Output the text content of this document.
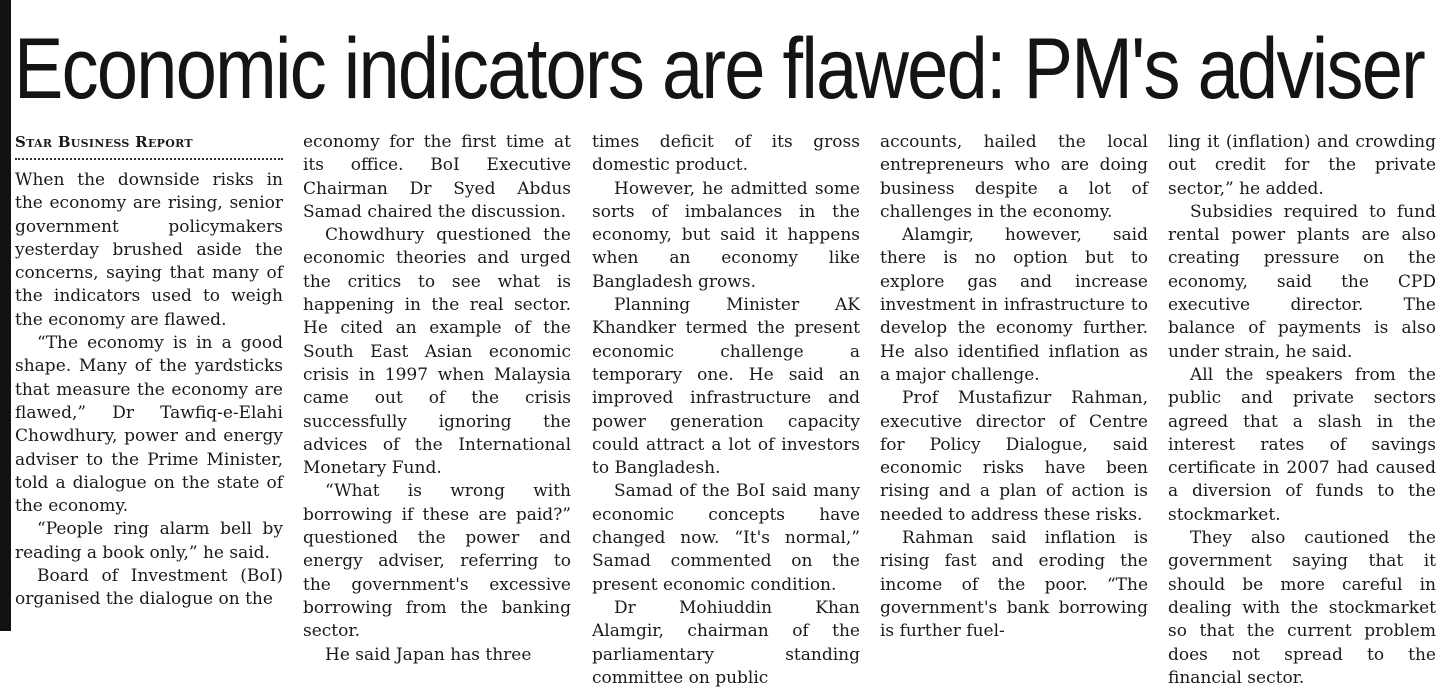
Economic indicators are flawed: PM's adviser
Star Business Report

When the downside risks in the economy are rising, senior government policymakers yesterday brushed aside the concerns, saying that many of the indicators used to weigh the economy are flawed.

“The economy is in a good shape. Many of the yardsticks that measure the economy are flawed,” Dr Tawfiq-e-Elahi Chowdhury, power and energy adviser to the Prime Minister, told a dialogue on the state of the economy.

“People ring alarm bell by reading a book only,” he said.

Board of Investment (BoI) organised the dialogue on the

economy for the first time at its office. BoI Executive Chairman Dr Syed Abdus Samad chaired the discussion.

Chowdhury questioned the economic theories and urged the critics to see what is happening in the real sector. He cited an example of the South East Asian economic crisis in 1997 when Malaysia came out of the crisis successfully ignoring the advices of the International Monetary Fund.

“What is wrong with borrowing if these are paid?” questioned the power and energy adviser, referring to the government's excessive borrowing from the banking sector.

He said Japan has three

times deficit of its gross domestic product.

However, he admitted some sorts of imbalances in the economy, but said it happens when an economy like Bangladesh grows.

Planning Minister AK Khandker termed the present economic challenge a temporary one. He said an improved infrastructure and power generation capacity could attract a lot of investors to Bangladesh.

Samad of the BoI said many economic concepts have changed now. “It's normal,” Samad commented on the present economic condition.

Dr Mohiuddin Khan Alamgir, chairman of the parliamentary standing committee on public

accounts, hailed the local entrepreneurs who are doing business despite a lot of challenges in the economy.

Alamgir, however, said there is no option but to explore gas and increase investment in infrastructure to develop the economy further. He also identified inflation as a major challenge.

Prof Mustafizur Rahman, executive director of Centre for Policy Dialogue, said economic risks have been rising and a plan of action is needed to address these risks.

Rahman said inflation is rising fast and eroding the income of the poor. “The government's bank borrowing is further fuel-

ling it (inflation) and crowding out credit for the private sector,” he added.

Subsidies required to fund rental power plants are also creating pressure on the economy, said the CPD executive director. The balance of payments is also under strain, he said.

All the speakers from the public and private sectors agreed that a slash in the interest rates of savings certificate in 2007 had caused a diversion of funds to the stockmarket.

They also cautioned the government saying that it should be more careful in dealing with the stockmarket so that the current problem does not spread to the financial sector.
